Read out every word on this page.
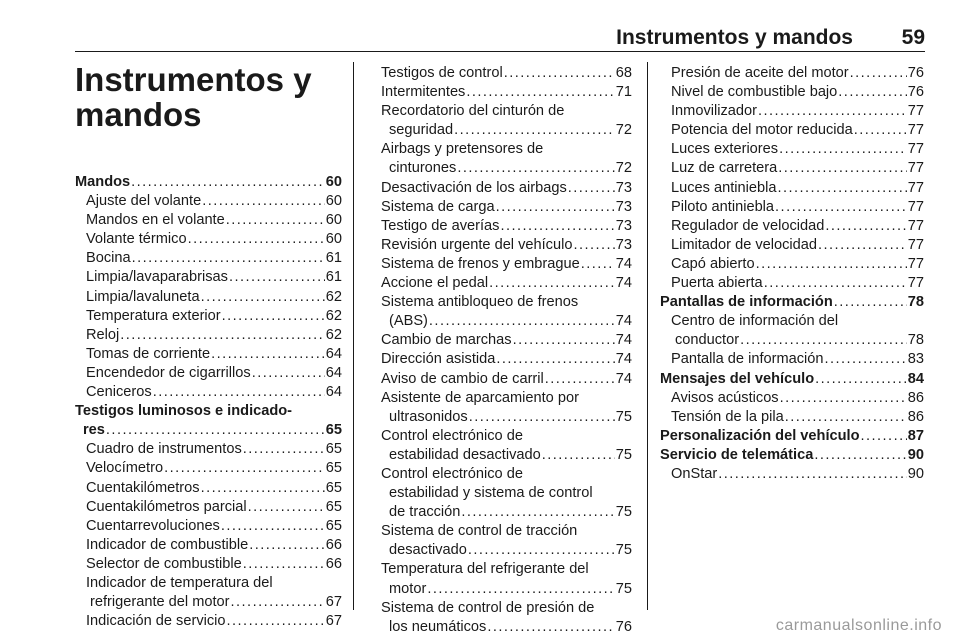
Instrumentos y mandos 59
Instrumentos y
mandos
Mandos . . .	60
Ajuste del volante . . .	60
Mandos en el volante . . .	60
Volante térmico . . .	60
Bocina . . .	61
Limpia/lavaparabrisas . . .	61
Limpia/lavaluneta . . .	62
Temperatura exterior . . .	62
Reloj . . .	62
Tomas de corriente . . .	64
Encendedor de cigarrillos . . .	64
Ceniceros . . .	64
Testigos luminosos e indicado-
res . . .	65
Cuadro de instrumentos . . .	65
Velocímetro . . .	65
Cuentakilómetros . . .	65
Cuentakilómetros parcial . . .	65
Cuentarrevoluciones . . .	65
Indicador de combustible . . .	66
Selector de combustible . . .	66
Indicador de temperatura del
refrigerante del motor . . .	67
Indicación de servicio . . .	67
Testigos de control . . .	68
Intermitentes . . .	71
Recordatorio del cinturón de
seguridad . . .	72
Airbags y pretensores de
cinturones . . .	72
Desactivación de los airbags . . .	73
Sistema de carga . . .	73
Testigo de averías . . .	73
Revisión urgente del vehículo . . .	73
Sistema de frenos y embrague . . . 74
Accione el pedal . . .	74
Sistema antibloqueo de frenos
(ABS) . . .	74
Cambio de marchas . . .	74
Dirección asistida . . .	74
Aviso de cambio de carril . . .	74
Asistente de aparcamiento por
ultrasonidos . . .	75
Control electrónico de
estabilidad desactivado . . .	75
Control electrónico de
estabilidad y sistema de control
de tracción . . .	75
Sistema de control de tracción
desactivado . . .	75
Temperatura del refrigerante del
motor . . .	75
Sistema de control de presión de
los neumáticos . . .	76
Presión de aceite del motor . . .	76
Nivel de combustible bajo . . .	76
Inmovilizador . . .	77
Potencia del motor reducida . . .	77
Luces exteriores . . .	77
Luz de carretera . . .	77
Luces antiniebla . . .	77
Piloto antiniebla . . .	77
Regulador de velocidad . . .	77
Limitador de velocidad . . .	77
Capó abierto . . .	77
Puerta abierta . . .	77
Pantallas de información . . .	78
Centro de información del
conductor . . .	78
Pantalla de información . . .	83
Mensajes del vehículo . . .	84
Avisos acústicos . . .	86
Tensión de la pila . . .	86
Personalización del vehículo . . .	87
Servicio de telemática . . .	90
OnStar . . .	90
carmanualsonline.info
